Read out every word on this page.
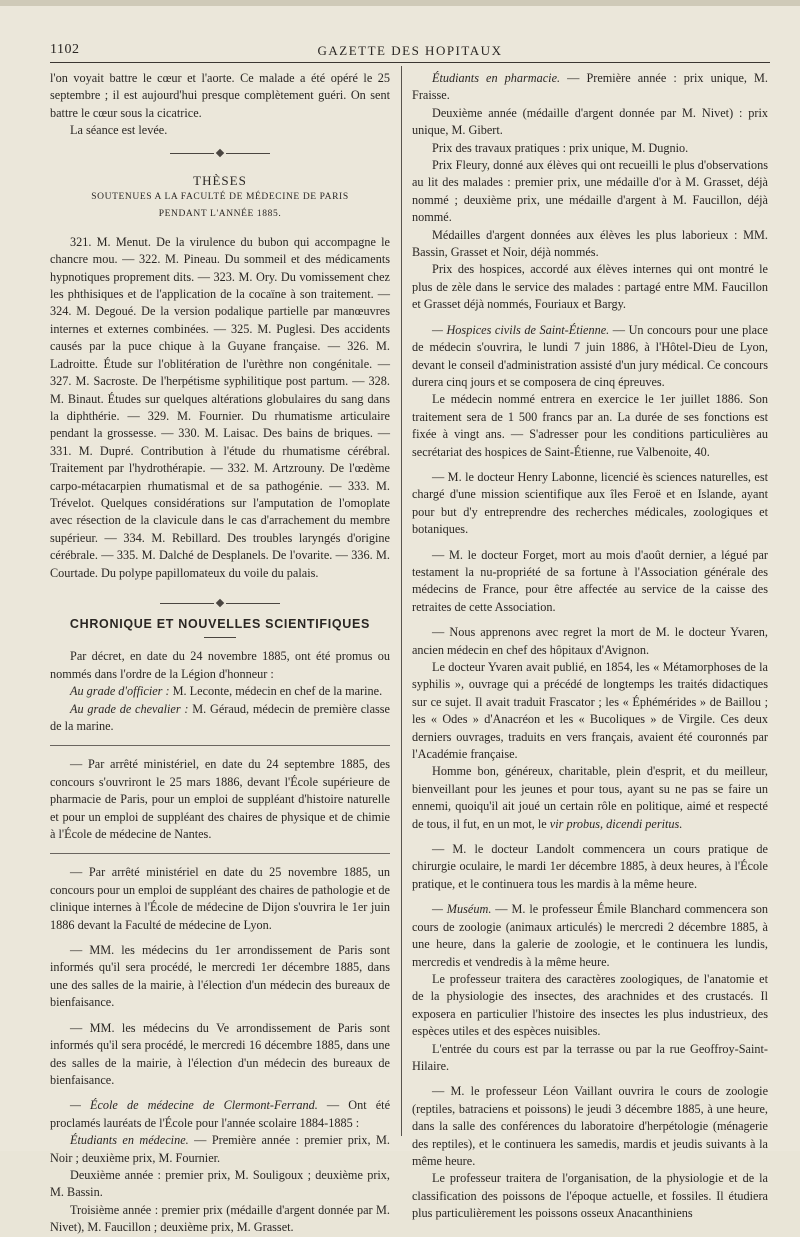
1102	GAZETTE DES HOPITAUX

l'on voyait battre le cœur et l'aorte. Ce malade a été opéré le 25 septembre ; il est aujourd'hui presque complètement guéri. On sent battre le cœur sous la cicatrice.

La séance est levée.

THÈSES

SOUTENUES A LA FACULTÉ DE MÉDECINE DE PARIS

PENDANT L'ANNÉE 1885.

321. M. Menut. De la virulence du bubon qui accompagne le chancre mou. — 322. M. Pineau. Du sommeil et des médicaments hypnotiques proprement dits. — 323. M. Ory. Du vomissement chez les phthisiques et de l'application de la cocaïne à son traitement. — 324. M. Degoué. De la version podalique partielle par manœuvres internes et externes combinées. — 325. M. Puglesi. Des accidents causés par la puce chique à la Guyane française. — 326. M. Ladroitte. Étude sur l'oblitération de l'urèthre non congénitale. — 327. M. Sacroste. De l'herpétisme syphilitique post partum. — 328. M. Binaut. Études sur quelques altérations globulaires du sang dans la diphthérie. — 329. M. Fournier. Du rhumatisme articulaire pendant la grossesse. — 330. M. Laisac. Des bains de briques. — 331. M. Dupré. Contribution à l'étude du rhumatisme cérébral. Traitement par l'hydrothérapie. — 332. M. Artzrouny. De l'œdème carpo-métacarpien rhumatismal et de sa pathogénie. — 333. M. Trévelot. Quelques considérations sur l'amputation de l'omoplate avec résection de la clavicule dans le cas d'arrachement du membre supérieur. — 334. M. Rebillard. Des troubles laryngés d'origine cérébrale. — 335. M. Dalché de Desplanels. De l'ovarite. — 336. M. Courtade. Du polype papillomateux du voile du palais.

CHRONIQUE ET NOUVELLES SCIENTIFIQUES

Par décret, en date du 24 novembre 1885, ont été promus ou nommés dans l'ordre de la Légion d'honneur :

Au grade d'officier : M. Leconte, médecin en chef de la marine.

Au grade de chevalier : M. Géraud, médecin de première classe de la marine.

— Par arrêté ministériel, en date du 24 septembre 1885, des concours s'ouvriront le 25 mars 1886, devant l'École supérieure de pharmacie de Paris, pour un emploi de suppléant d'histoire naturelle et pour un emploi de suppléant des chaires de physique et de chimie à l'École de médecine de Nantes.

— Par arrêté ministériel en date du 25 novembre 1885, un concours pour un emploi de suppléant des chaires de pathologie et de clinique internes à l'École de médecine de Dijon s'ouvrira le 1er juin 1886 devant la Faculté de médecine de Lyon.

— MM. les médecins du 1er arrondissement de Paris sont informés qu'il sera procédé, le mercredi 1er décembre 1885, dans une des salles de la mairie, à l'élection d'un médecin des bureaux de bienfaisance.

— MM. les médecins du Ve arrondissement de Paris sont informés qu'il sera procédé, le mercredi 16 décembre 1885, dans une des salles de la mairie, à l'élection d'un médecin des bureaux de bienfaisance.

— École de médecine de Clermont-Ferrand. — Ont été proclamés lauréats de l'École pour l'année scolaire 1884-1885 :

Étudiants en médecine. — Première année : premier prix, M. Noir ; deuxième prix, M. Fournier.

Deuxième année : premier prix, M. Souligoux ; deuxième prix, M. Bassin.

Troisième année : premier prix (médaille d'argent donnée par M. Nivet), M. Faucillon ; deuxième prix, M. Grasset.

Étudiants en pharmacie. — Première année : prix unique, M. Fraisse.

Deuxième année (médaille d'argent donnée par M. Nivet) : prix unique, M. Gibert.

Prix des travaux pratiques : prix unique, M. Dugnio.

Prix Fleury, donné aux élèves qui ont recueilli le plus d'observations au lit des malades : premier prix, une médaille d'or à M. Grasset, déjà nommé ; deuxième prix, une médaille d'argent à M. Faucillon, déjà nommé.

Médailles d'argent données aux élèves les plus laborieux : MM. Bassin, Grasset et Noir, déjà nommés.

Prix des hospices, accordé aux élèves internes qui ont montré le plus de zèle dans le service des malades : partagé entre MM. Faucillon et Grasset déjà nommés, Fouriaux et Bargy.

— Hospices civils de Saint-Étienne. — Un concours pour une place de médecin s'ouvrira, le lundi 7 juin 1886, à l'Hôtel-Dieu de Lyon, devant le conseil d'administration assisté d'un jury médical. Ce concours durera cinq jours et se composera de cinq épreuves.

Le médecin nommé entrera en exercice le 1er juillet 1886. Son traitement sera de 1 500 francs par an. La durée de ses fonctions est fixée à vingt ans. — S'adresser pour les conditions particulières au secrétariat des hospices de Saint-Étienne, rue Valbenoite, 40.

— M. le docteur Henry Labonne, licencié ès sciences naturelles, est chargé d'une mission scientifique aux îles Feroë et en Islande, ayant pour but d'y entreprendre des recherches médicales, zoologiques et botaniques.

— M. le docteur Forget, mort au mois d'août dernier, a légué par testament la nu-propriété de sa fortune à l'Association générale des médecins de France, pour être affectée au service de la caisse des retraites de cette Association.

— Nous apprenons avec regret la mort de M. le docteur Yvaren, ancien médecin en chef des hôpitaux d'Avignon.

Le docteur Yvaren avait publié, en 1854, les « Métamorphoses de la syphilis », ouvrage qui a précédé de longtemps les traités didactiques sur ce sujet. Il avait traduit Frascator ; les « Éphémérides » de Baillou ; les « Odes » d'Anacréon et les « Bucoliques » de Virgile. Ces deux derniers ouvrages, traduits en vers français, avaient été couronnés par l'Académie française.

Homme bon, généreux, charitable, plein d'esprit, et du meilleur, bienveillant pour les jeunes et pour tous, ayant su ne pas se faire un ennemi, quoiqu'il ait joué un certain rôle en politique, aimé et respecté de tous, il fut, en un mot, le vir probus, dicendi peritus.

— M. le docteur Landolt commencera un cours pratique de chirurgie oculaire, le mardi 1er décembre 1885, à deux heures, à l'École pratique, et le continuera tous les mardis à la même heure.

— Muséum. — M. le professeur Émile Blanchard commencera son cours de zoologie (animaux articulés) le mercredi 2 décembre 1885, à une heure, dans la galerie de zoologie, et le continuera les lundis, mercredis et vendredis à la même heure.

Le professeur traitera des caractères zoologiques, de l'anatomie et de la physiologie des insectes, des arachnides et des crustacés. Il exposera en particulier l'histoire des insectes les plus industrieux, des espèces utiles et des espèces nuisibles.

L'entrée du cours est par la terrasse ou par la rue Geoffroy-Saint-Hilaire.

— M. le professeur Léon Vaillant ouvrira le cours de zoologie (reptiles, batraciens et poissons) le jeudi 3 décembre 1885, à une heure, dans la salle des conférences du laboratoire d'herpétologie (ménagerie des reptiles), et le continuera les samedis, mardis et jeudis suivants à la même heure.

Le professeur traitera de l'organisation, de la physiologie et de la classification des poissons de l'époque actuelle, et fossiles. Il étudiera plus particulièrement les poissons osseux Anacanthiniens
